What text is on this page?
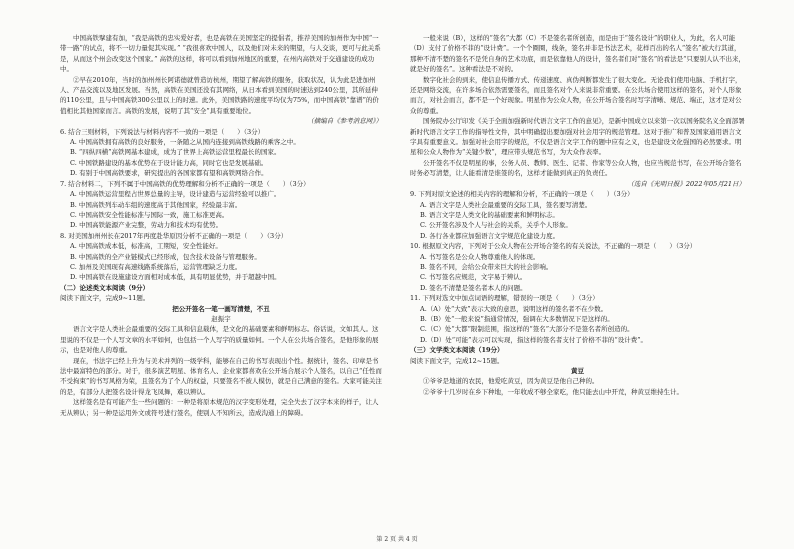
中国高铁擘建有加，“我是高铁的忠实爱好者，也是高铁在美国坚定的提倡者，推荐美国的加州作为中国“一带一路”的试点，将不一切力量促其实现。” “我很喜欢中国人，以及他们对未来的期望，与人交谈，更可与此关系是，从而这个州会改变这个国家。” 高铁的这样，将可以看到加州地区的重要，在州内高铁对于交通建设的成功中。

②早在2010年，当时的加州州长阿诺德就曾造访杭州，期望了解高铁的服务，获取状况，认为此是进加州人、产品交流以及地区发展。当然，高铁在美国还没有其网络，从日本看到美国的时速达到240公里，其所延伸的110公里，且与中国高铁300公里以上的时速。此外，美国铁路的速度平均仅为75%，而中国高铁“靠谱”的价值相比其他国家而言。高铁的发展，说明了其“安全”具有重要地位。

（摘编自《参考消息网》）
6. 结合三则材料，下列说法与材料内容不一致的一项是（　　）（3分）
A. 中国高铁拥有高铁的良好服务，一条随之从国内连接到高铁线路的乘客之中。
B. “四纵四横”高铁网基本建成，成为了世界上高铁运营里程最长的国家。
C. 中国铁路建设的基本优势在于设计能力高，同时它也是发展基础。
D. 有别于中国高铁要求，研究提出的各国家都有望和高铁网络合作。
7. 结合材料二，下列不属于中国高铁的优势理解和分析不正确的一项是（　　）（3分）
A. 中国高铁运营里程占世界总量的主导，设计建造与运营经验可以推广。
B. 中国高铁列车动车组的速度高于其他国家，经验最丰富。
C. 中国高铁安全性能标准与国际一致，施工标准更高。
D. 中国高铁能源产业完整，劳动力和技术均有优势。
8. 对美国加州州长在2017年再度赴华原因分析不正确的一项是（　　）（3分）
A. 中国高铁成本低，标准高，工期短，安全性能好。
B. 中国高铁的全产业链模式已经形成，包含技术设备与管理服务。
C. 加州及美国现有高速线路系统落后，运营管理缺乏力度。
D. 中国高铁在设施建设方面相对成本低，具有明显优势，并于超越中国。
（二）论述类文本阅读（9分）
阅读下面文字，完成9~11题。
把公开签名一笔一画写清楚，不丑
赵振宇

语言文字是人类社会最重要的交际工具和信息载体，是文化的基础要素和鲜明标志。俗话说，文如其人。这里说的不仅是一个人写文章的水平如何，也包括一个人写字的质量如何。一个人在公共场合签名，是他形象的展示，也是对他人的尊重。

现在，书法字已经上升为与美术并列的一级学科，能够在自己的书写表现出个性。据统计，签名、印章是书法中最富特色的部分。对于，很多演艺明星、体育名人、企业家都喜欢在公开场合展示个人签名，以自己“任性而不受拘束”的书写风格为荣，且签名为了个人的权益，只要签名不被人模仿，就是自己满意的签名。大家可能关注的是，有部分人把签名设计得龙飞凤舞，难以辨认。

这样签名是有可能产生一些问题的：一种是将原本规范的汉字变形处理，完全失去了汉字本来的样子，让人无从辨认；另一种是运用外文或符号进行签名，使别人不知所云，造成沟通上的障碍。

一般来说（B），这样的“签名”大都（C）不是签名者所创造，而是由于“签名设计”的职业人，为此，名人可能（D）支付了价格不菲的“设计费”。一个个圈圈，线条，签名并非是书法艺术，花样百出的名人“签名”被大行其道，那种不清不楚的签名不是凭自身的艺术功底，而是依靠他人的设计，签名者们对“签名”的看法是“只要别人认不出来，就是好的签名”。这种看法是不对的。

数字化社会的到来，使信息传播方式、传递速度、真伪判断都发生了很大变化。无论我们使用电脑、手机打字，还是网络交流，在许多场合依然需要签名，而且签名对个人来说非常重要。在公共场合使用这样的签名，对个人形象而言，对社会而言，都不是一个好现象。明星作为公众人物，在公开场合签名时写字清晰、规范、端正，这才是对公众的尊重。

国务院办公厅印发《关于全面加强新时代语言文字工作的意见》，是新中国成立以来第一次以国务院名义全面部署新时代语言文字工作的指导性文件，其中明确提出要加强对社会用字的规范管理。这对于推广和普及国家通用语言文字具有重要意义。加强对社会用字的规范，不仅是语言文字工作的题中应有之义，也是建设文化强国的必然要求。明星和公众人物作为“关键少数”，理应带头规范书写，为大众作表率。

公开签名不仅是明星的事，公务人员、教师、医生、记者、作家等公众人物，也应当规范书写，在公开场合签名时务必写清楚，让人能看清是谁签的名，这样才能做到真正的负责任。

（选自《光明日报》2022年05月21日）
9. 下列对原文论述的相关内容的理解和分析，不正确的一项是（　　）（3分）
A. 语言文字是人类社会最重要的交际工具，签名要写清楚。
B. 语言文字是人类文化的基础要素和鲜明标志。
C. 公开签名涉及个人与社会的关系，关乎个人形象。
D. 各行各业都应加强语言文字规范化建设力度。
10. 根据原文内容，下列对于公众人物在公开场合签名的有关说法，不正确的一项是（　　）（3分）
A. 书写签名是公众人物尊重他人的体现。
B. 签名不同，会给公众带来巨大的社会影响。
C. 书写签名应规范，文字易于辨认。
D. 签名不清楚是签名者本人的问题。
11. 下列对选文中加点词语的理解，错误的一项是（　　）（3分）
A.（A）处“大致”表示大致的意思，说明这样的签名者不在少数。
B.（B）处“一般来说”指通常情况，强调在大多数情况下是这样的。
C.（C）处“大都”限制范围，指这样的“签名”大部分不是签名者所创造的。
D.（D）处“可能”表示可以实现，指这样的签名者支付了价格不菲的“设计费”。
（三）文学类文本阅读（19分）
阅读下面文字，完成12~15题。
黄豆

①爷爷是地道的农民，他爱吃黄豆，因为黄豆是他自己种的。

②爷爷十几岁时在乡下种地，一年收成不够全家吃，他只能去山中开荒，种黄豆维持生计。

第 2 页 共 4 页
